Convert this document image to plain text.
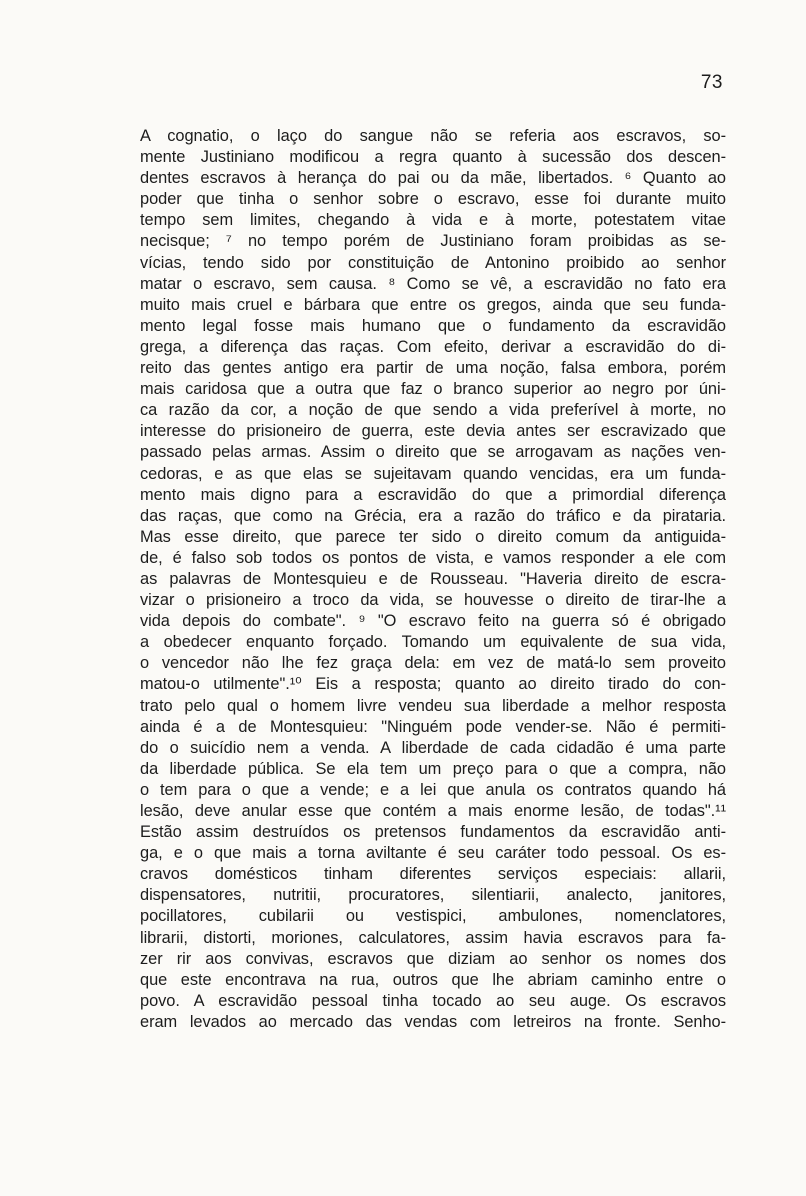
73
A cognatio, o laço do sangue não se referia aos escravos, so-
mente Justiniano modificou a regra quanto à sucessão dos descen-
dentes escravos à herança do pai ou da mãe, libertados. ⁶ Quanto ao
poder que tinha o senhor sobre o escravo, esse foi durante muito
tempo sem limites, chegando à vida e à morte, potestatem vitae
necisque; ⁷ no tempo porém de Justiniano foram proibidas as se-
vícias, tendo sido por constituição de Antonino proibido ao senhor
matar o escravo, sem causa. ⁸ Como se vê, a escravidão no fato era
muito mais cruel e bárbara que entre os gregos, ainda que seu funda-
mento legal fosse mais humano que o fundamento da escravidão
grega, a diferença das raças. Com efeito, derivar a escravidão do di-
reito das gentes antigo era partir de uma noção, falsa embora, porém
mais caridosa que a outra que faz o branco superior ao negro por úni-
ca razão da cor, a noção de que sendo a vida preferível à morte, no
interesse do prisioneiro de guerra, este devia antes ser escravizado que
passado pelas armas. Assim o direito que se arrogavam as nações ven-
cedoras, e as que elas se sujeitavam quando vencidas, era um funda-
mento mais digno para a escravidão do que a primordial diferença
das raças, que como na Grécia, era a razão do tráfico e da pirataria.
Mas esse direito, que parece ter sido o direito comum da antiguida-
de, é falso sob todos os pontos de vista, e vamos responder a ele com
as palavras de Montesquieu e de Rousseau. "Haveria direito de escra-
vizar o prisioneiro a troco da vida, se houvesse o direito de tirar-lhe a
vida depois do combate". ⁹ "O escravo feito na guerra só é obrigado
a obedecer enquanto forçado. Tomando um equivalente de sua vida,
o vencedor não lhe fez graça dela: em vez de matá-lo sem proveito
matou-o utilmente".¹⁰ Eis a resposta; quanto ao direito tirado do con-
trato pelo qual o homem livre vendeu sua liberdade a melhor resposta
ainda é a de Montesquieu: "Ninguém pode vender-se. Não é permiti-
do o suicídio nem a venda. A liberdade de cada cidadão é uma parte
da liberdade pública. Se ela tem um preço para o que a compra, não
o tem para o que a vende; e a lei que anula os contratos quando há
lesão, deve anular esse que contém a mais enorme lesão, de todas".¹¹
Estão assim destruídos os pretensos fundamentos da escravidão anti-
ga, e o que mais a torna aviltante é seu caráter todo pessoal. Os es-
cravos domésticos tinham diferentes serviços especiais: allarii,
dispensatores, nutritii, procuratores, silentiarii, analecto, janitores,
pocillatores, cubilarii ou vestispici, ambulones, nomenclatores,
librarii, distorti, moriones, calculatores, assim havia escravos para fa-
zer rir aos convivas, escravos que diziam ao senhor os nomes dos
que este encontrava na rua, outros que lhe abriam caminho entre o
povo. A escravidão pessoal tinha tocado ao seu auge. Os escravos
eram levados ao mercado das vendas com letreiros na fronte. Senho-
